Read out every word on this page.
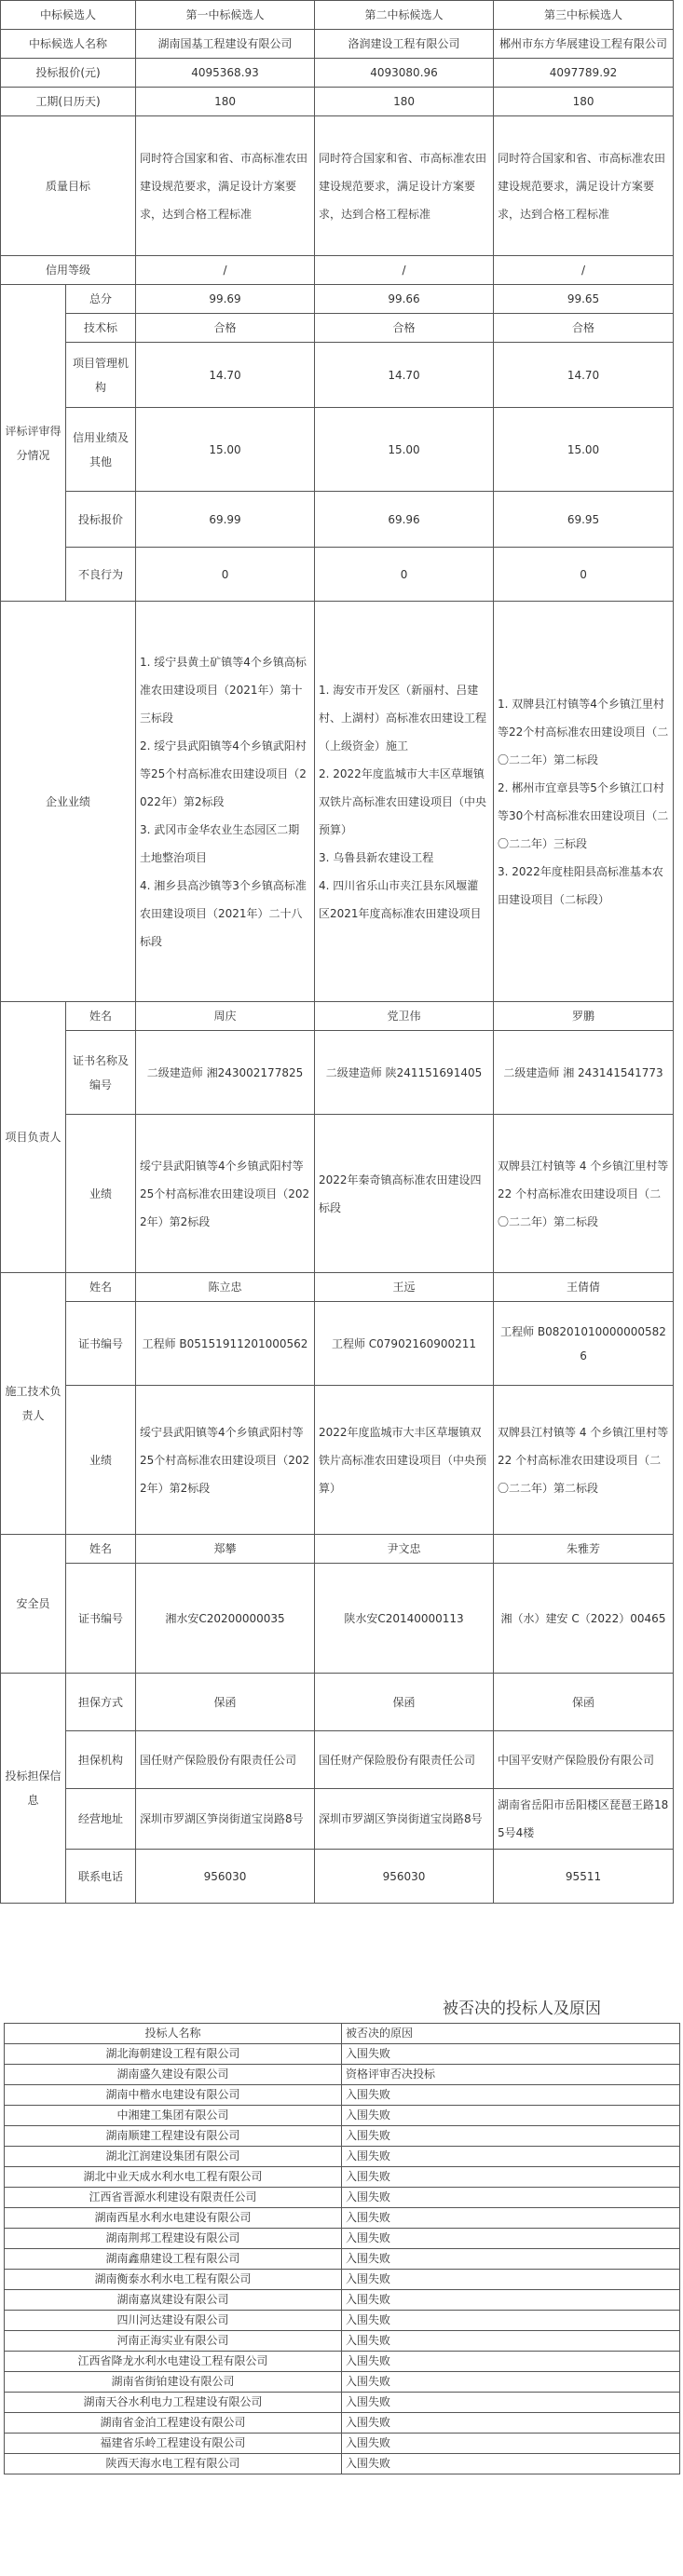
中标候选人		第一中标候选人	第二中标候选人	第三中标候选人
中标候选人名称		湖南国基工程建设有限公司	洛润建设工程有限公司	郴州市东方华展建设工程有限公司
投标报价(元)		4095368.93	4093080.96	4097789.92
工期(日历天)		180	180	180
质量目标		同时符合国家和省、市高标准农田建设规范要求，满足设计方案要求，达到合格工程标准	同时符合国家和省、市高标准农田建设规范要求，满足设计方案要求，达到合格工程标准	同时符合国家和省、市高标准农田建设规范要求，满足设计方案要求，达到合格工程标准
信用等级		/	/	/
评标评审得分情况	总分	99.69	99.66	99.65
	技术标	合格	合格	合格
	项目管理机构	14.70	14.70	14.70
	信用业绩及其他	15.00	15.00	15.00
	投标报价	69.99	69.96	69.95
	不良行为	0	0	0
企业业绩		1. 绥宁县黄土矿镇等4个乡镇高标准农田建设项目（2021年）第十三标段
2. 绥宁县武阳镇等4个乡镇武阳村等25个村高标准农田建设项目（2022年）第2标段
3. 武冈市金华农业生态园区二期土地整治项目
4. 湘乡县高沙镇等3个乡镇高标准农田建设项目（2021年）二十八标段	1. 海安市开发区（新丽村、吕建村、上湖村）高标准农田建设工程（上级资金）施工
2. 2022年度监城市大丰区草堰镇双铁片高标准农田建设项目（中央预算）
3. 乌鲁县新农建设工程
4. 四川省乐山市夹江县东风堰灌区2021年度高标准农田建设项目	1. 双牌县江村镇等4个乡镇江里村等22个村高标准农田建设项目（二〇二二年）第二标段
2. 郴州市宜章县等5个乡镇江口村等30个村高标准农田建设项目（二〇二二年）三标段
3. 2022年度桂阳县高标准基本农田建设项目（二标段）
项目负责人	姓名	周庆	党卫伟	罗鹏
	证书名称及编号	二级建造师 湘243002177825	二级建造师 陕241151691405	二级建造师 湘 243141541773
	业绩	绥宁县武阳镇等4个乡镇武阳村等25个村高标准农田建设项目（2022年）第2标段	2022年秦奇镇高标准农田建设四标段	双牌县江村镇等 4 个乡镇江里村等 22 个村高标准农田建设项目（二〇二二年）第二标段
施工技术负责人	姓名	陈立忠	王远	王倩倩
	证书编号	工程师 B05151911201000562	工程师 C07902160900211	工程师 B082010100000005826
	业绩	绥宁县武阳镇等4个乡镇武阳村等25个村高标准农田建设项目（2022年）第2标段	2022年度监城市大丰区草堰镇双铁片高标准农田建设项目（中央预算）	双牌县江村镇等 4 个乡镇江里村等 22 个村高标准农田建设项目（二〇二二年）第二标段
安全员	姓名	郑攀	尹文忠	朱雅芳
	证书编号	湘水安C20200000035	陕水安C20140000113	湘（水）建安 C（2022）00465
投标担保信息	担保方式	保函	保函	保函
	担保机构	国任财产保险股份有限责任公司	国任财产保险股份有限责任公司	中国平安财产保险股份有限公司
	经营地址	深圳市罗湖区笋岗街道宝岗路8号	深圳市罗湖区笋岗街道宝岗路8号	湖南省岳阳市岳阳楼区琵琶王路185号4楼
	联系电话	956030	956030	95511
被否决的投标人及原因
投标人名称	被否决的原因
湖北海朝建设工程有限公司	入围失败
湖南盛久建设有限公司	资格评审否决投标
湖南中楷水电建设有限公司	入围失败
中湘建工集团有限公司	入围失败
湖南顺建工程建设有限公司	入围失败
湖北江润建设集团有限公司	入围失败
湖北中业天成水利水电工程有限公司	入围失败
江西省晋源水利建设有限责任公司	入围失败
湖南西星水利水电建设有限公司	入围失败
湖南荆邦工程建设有限公司	入围失败
湖南鑫鼎建设工程有限公司	入围失败
湖南衡泰水利水电工程有限公司	入围失败
湖南嘉岚建设有限公司	入围失败
四川河达建设有限公司	入围失败
河南正海实业有限公司	入围失败
江西省降龙水利水电建设工程有限公司	入围失败
湖南省街铂建设有限公司	入围失败
湖南天谷水利电力工程建设有限公司	入围失败
湖南省金泊工程建设有限公司	入围失败
福建省乐岭工程建设有限公司	入围失败
陕西天海水电工程有限公司	入围失败
